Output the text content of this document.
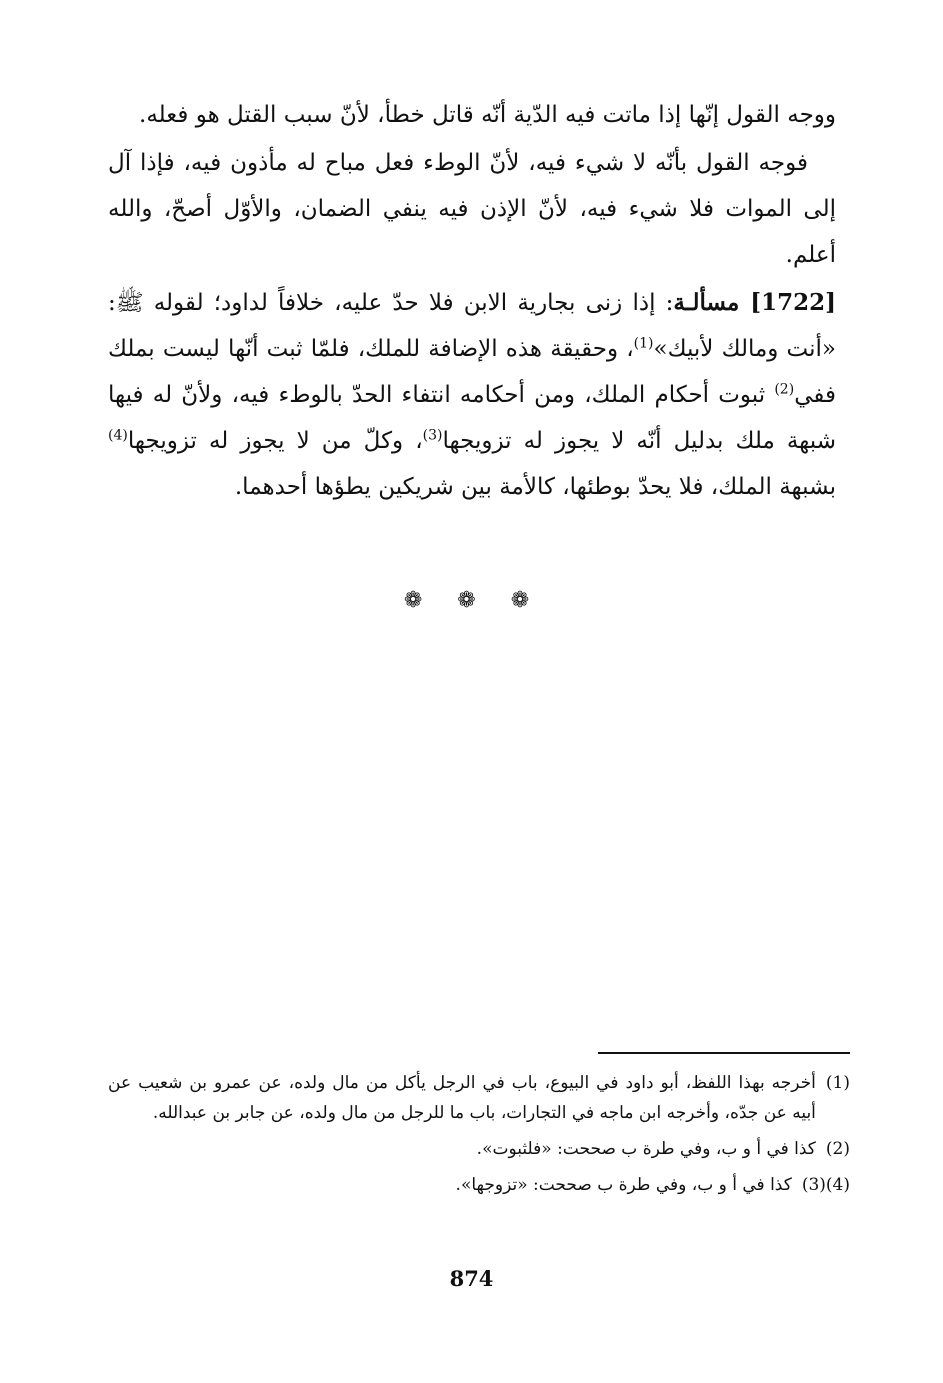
ووجه القول إنّها إذا ماتت فيه الدّية أنّه قاتل خطأ، لأنّ سبب القتل هو فعله.

فوجه القول بأنّه لا شيء فيه، لأنّ الوطء فعل مباح له مأذون فيه، فإذا آل إلى الموات فلا شيء فيه، لأنّ الإذن فيه ينفي الضمان، والأوّل أصحّ، والله أعلم.

[1722] مسألـة: إذا زنى بجارية الابن فلا حدّ عليه، خلافاً لداود؛ لقوله ﷺ: «أنت ومالك لأبيك»$^{(1)}$، وحقيقة هذه الإضافة للملك، فلمّا ثبت أنّها ليست بملك ففي$^{(2)}$ ثبوت أحكام الملك، ومن أحكامه انتفاء الحدّ بالوطء فيه، ولأنّ له فيها شبهة ملك بدليل أنّه لا يجوز له تزويجها$^{(3)}$، وكلّ من لا يجوز له تزويجها$^{(4)}$ بشبهة الملك، فلا يحدّ بوطئها، كالأمة بين شريكين يطؤها أحدهما.

❁ ❁ ❁
(1)
أخرجه بهذا اللفظ، أبو داود في البيوع، باب في الرجل يأكل من مال ولده، عن عمرو بن شعيب عن أبيه عن جدّه، وأخرجه ابن ماجه في التجارات، باب ما للرجل من مال ولده، عن جابر بن عبدالله.
(2)
كذا في أ و ب، وفي طرة ب صححت: «فلثبوت».
(3)(4)
كذا في أ و ب، وفي طرة ب صححت: «تزوجها».
874
